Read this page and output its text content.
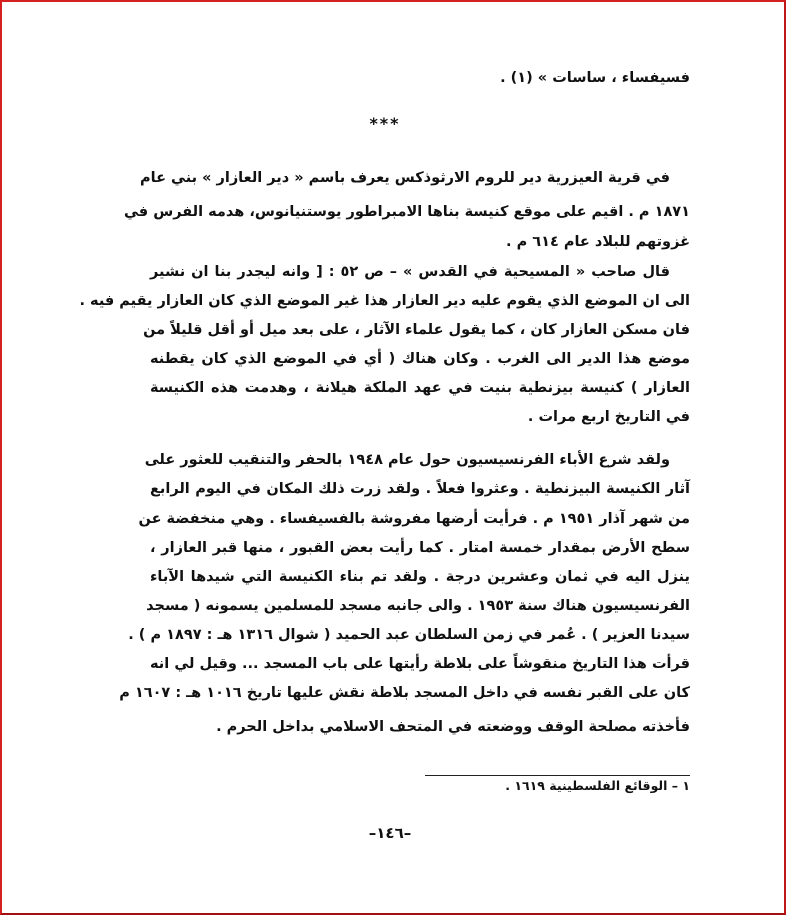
فسيفساء ، ساسات » (١) .
***
في قرية العيزرية دير للروم الارثوذكس يعرف باسم « دير العازار » بني عام
١٨٧١ م . اقيم على موقع كنيسة بناها الامبراطور يوستنيانوس، هدمه الفرس في
غزوتهم للبلاد عام ٦١٤ م .
قال صاحب « المسيحية في القدس » – ص ٥٢ : [ وانه ليجدر بنا ان نشير
الى ان الموضع الذي يقوم عليه دير العازار هذا غير الموضع الذي كان العازار يقيم فيه .
فان مسكن العازار كان ، كما يقول علماء الآثار ، على بعد ميل أو أقل قليلاً من
موضع هذا الدير الى الغرب . وكان هناك ( أي في الموضع الذي كان يقطنه
العازار ) كنيسة بيزنطية بنيت في عهد الملكة هيلانة ، وهدمت هذه الكنيسة
في التاريخ اربع مرات .
ولقد شرع الأباء الفرنسيسيون حول عام ١٩٤٨ بالحفر والتنقيب للعثور على
آثار الكنيسة البيزنطية . وعثروا فعلاً . ولقد زرت ذلك المكان في اليوم الرابع
من شهر آذار ١٩٥١ م . فرأيت أرضها مفروشة بالفسيفساء . وهي منخفضة عن
سطح الأرض بمقدار خمسة امتار . كما رأيت بعض القبور ، منها قبر العازار ،
ينزل اليه في ثمان وعشرين درجة . ولقد تم بناء الكنيسة التي شيدها الآباء
الفرنسيسيون هناك سنة ١٩٥٣ . والى جانبه مسجد للمسلمين يسمونه ( مسجد
سيدنا العزير ) . عُمر في زمن السلطان عبد الحميد ( شوال ١٣١٦ هـ : ١٨٩٧ م ) .
قرأت هذا التاريخ منقوشاً على بلاطة رأيتها على باب المسجد ... وقيل لي انه
كان على القبر نفسه في داخل المسجد بلاطة نقش عليها تاريخ ١٠١٦ هـ : ١٦٠٧ م
فأخذته مصلحة الوقف ووضعته في المتحف الاسلامي بداخل الحرم .
١ – الوقائع الفلسطينية ١٦١٩ .
–١٤٦–
